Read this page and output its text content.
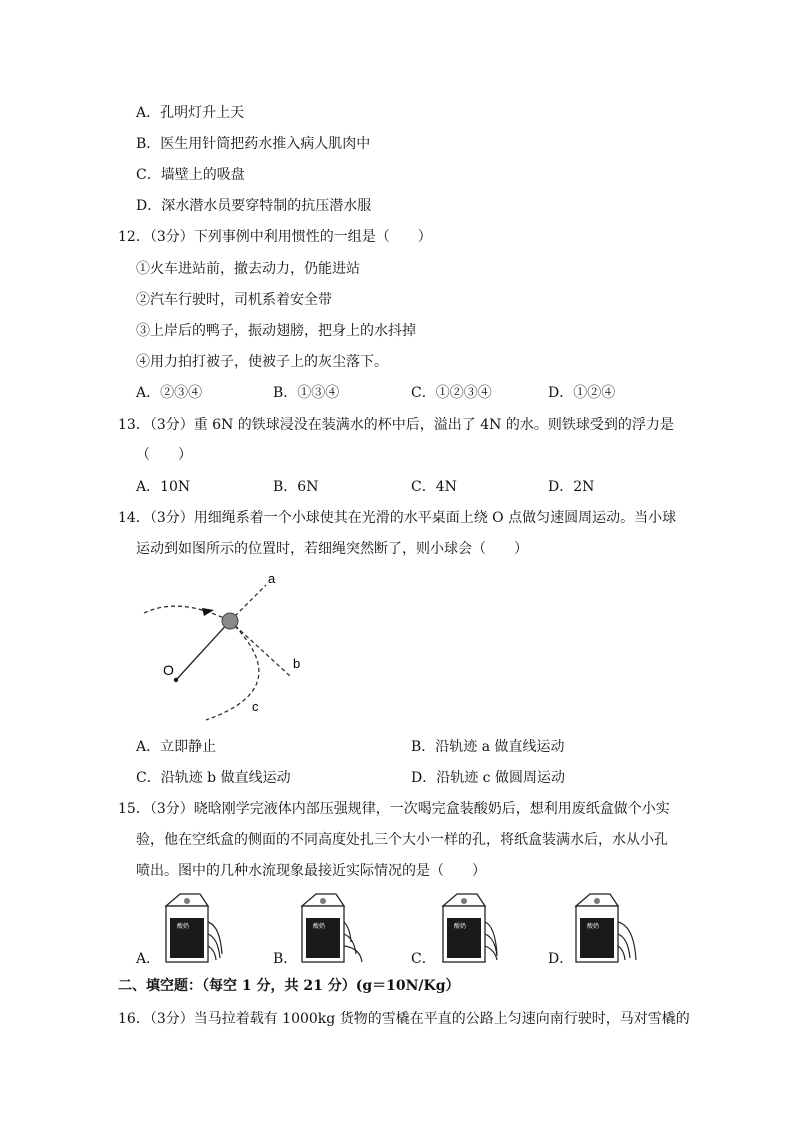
A．孔明灯升上天
B．医生用针筒把药水推入病人肌肉中
C．墙壁上的吸盘
D．深水潜水员要穿特制的抗压潜水服
12．（3分）下列事例中利用惯性的一组是（　　）
①火车进站前，撤去动力，仍能进站
②汽车行驶时，司机系着安全带
③上岸后的鸭子，振动翅膀，把身上的水抖掉
④用力拍打被子，使被子上的灰尘落下。
A．②③④	B．①③④	C．①②③④	D．①②④
13．（3分）重 6N 的铁球浸没在装满水的杯中后，溢出了 4N 的水。则铁球受到的浮力是
（　　）
A．10N	B．6N	C．4N	D．2N
14．（3分）用细绳系着一个小球使其在光滑的水平桌面上绕 O 点做匀速圆周运动。当小球
运动到如图所示的位置时，若细绳突然断了，则小球会（　　）
a
b
c
O
A．立即静止	B．沿轨迹 a 做直线运动
C．沿轨迹 b 做直线运动	D．沿轨迹 c 做圆周运动
15．（3分）晓晗刚学完液体内部压强规律，一次喝完盒装酸奶后，想利用废纸盒做个小实
验，他在空纸盒的侧面的不同高度处扎三个大小一样的孔，将纸盒装满水后，水从小孔
喷出。图中的几种水流现象最接近实际情况的是（　　）
A．	B．	C．	D．
酸奶	酸奶	酸奶	酸奶
二、填空题：（每空 1 分，共 21 分）(g＝10N/Kg）
16．（3分）当马拉着载有 1000kg 货物的雪橇在平直的公路上匀速向南行驶时，马对雪橇的
